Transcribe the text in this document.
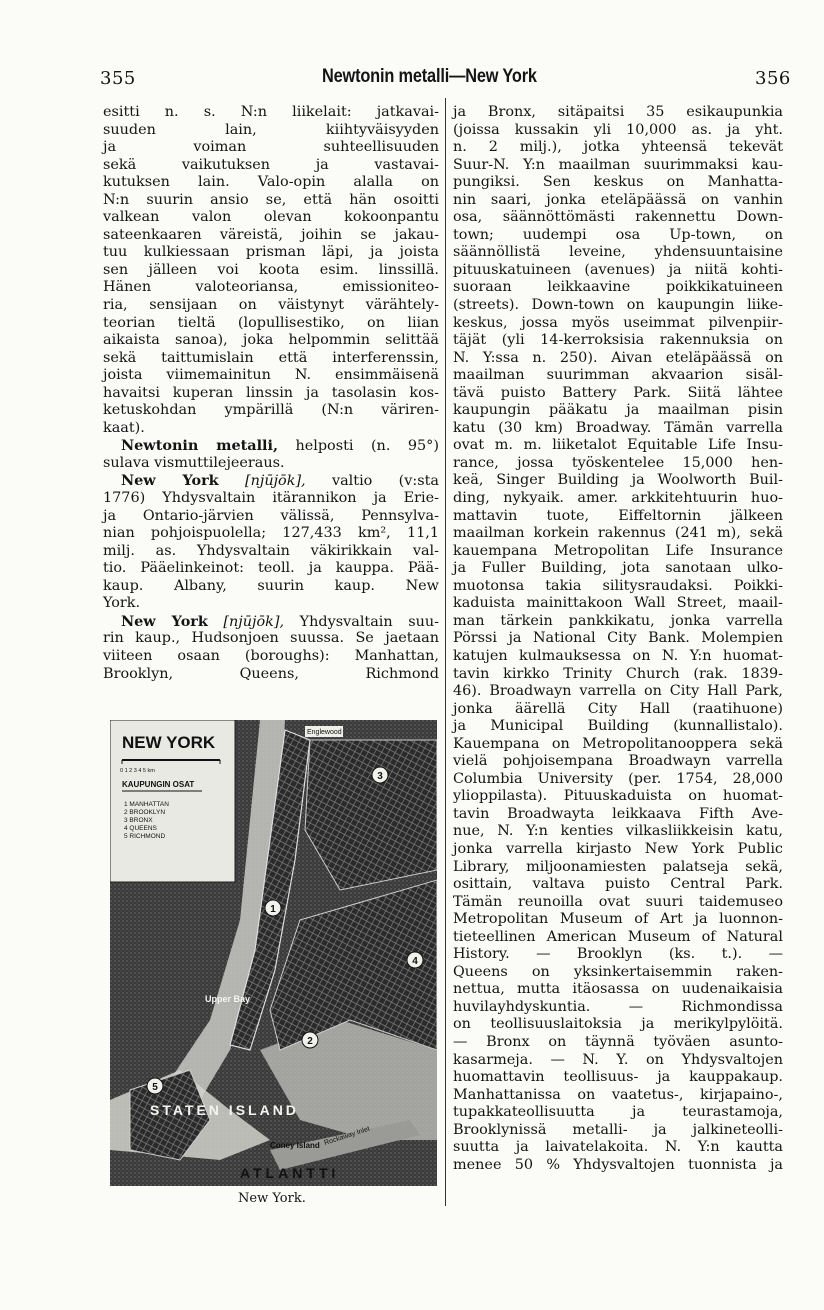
355	Newtonin metalli—New York	356
esitti n. s. N:n liikelait: jatkavai-
suuden lain, kiihtyväisyyden
ja voiman suhteellisuuden
sekä vaikutuksen ja vastavai-
kutuksen lain. Valo-opin alalla on
N:n suurin ansio se, että hän osoitti
valkean valon olevan kokoonpantu
sateenkaaren väreistä, joihin se jakau-
tuu kulkiessaan prisman läpi, ja joista
sen jälleen voi koota esim. linssillä.
Hänen valoteoriansa, emissioniteo-
ria, sensijaan on väistynyt värähtely-
teorian tieltä (lopullisestiko, on liian
aikaista sanoa), joka helpommin selittää
sekä taittumislain että interferenssin,
joista viimemainitun N. ensimmäisenä
havaitsi kuperan linssin ja tasolasin kos-
ketuskohdan ympärillä (N:n väriren-
kaat).
Newtonin metalli, helposti (n. 95°)
sulava vismuttilejeeraus.
New York [njūjōk], valtio (v:sta
1776) Yhdysvaltain itärannikon ja Erie-
ja Ontario-järvien välissä, Pennsylva-
nian pohjoispuolella; 127,433 km², 11,1
milj. as. Yhdysvaltain väkirikkain val-
tio. Pääelinkeinot: teoll. ja kauppa. Pää-
kaup. Albany, suurin kaup. New
York.
New York [njūjōk], Yhdysvaltain suu-
rin kaup., Hudsonjoen suussa. Se jaetaan
viiteen osaan (boroughs): Manhattan,
Brooklyn, Queens, Richmond
NEW YORK
0 1 2 3 4 5 km
KAUPUNGIN OSAT
1 MANHATTAN
2 BROOKLYN
3 BRONX
4 QUEENS
5 RICHMOND
Englewood
STATEN ISLAND
Upper Bay
Coney Island Rockaway Inlet
ATLANTTI
1
2
3
4
5
New York.
ja Bronx, sitäpaitsi 35 esikaupunkia
(joissa kussakin yli 10,000 as. ja yht.
n. 2 milj.), jotka yhteensä tekevät
Suur-N. Y:n maailman suurimmaksi kau-
pungiksi. Sen keskus on Manhatta-
nin saari, jonka eteläpäässä on vanhin
osa, säännöttömästi rakennettu Down-
town; uudempi osa Up-town, on
säännöllistä leveine, yhdensuuntaisine
pituuskatuineen (avenues) ja niitä kohti-
suoraan leikkaavine poikkikatuineen
(streets). Down-town on kaupungin liike-
keskus, jossa myös useimmat pilvenpiir-
täjät (yli 14-kerroksisia rakennuksia on
N. Y:ssa n. 250). Aivan eteläpäässä on
maailman suurimman akvaarion sisäl-
tävä puisto Battery Park. Siitä lähtee
kaupungin pääkatu ja maailman pisin
katu (30 km) Broadway. Tämän varrella
ovat m. m. liiketalot Equitable Life Insu-
rance, jossa työskentelee 15,000 hen-
keä, Singer Building ja Woolworth Buil-
ding, nykyaik. amer. arkkitehtuurin huo-
mattavin tuote, Eiffeltornin jälkeen
maailman korkein rakennus (241 m), sekä
kauempana Metropolitan Life Insurance
ja Fuller Building, jota sanotaan ulko-
muotonsa takia silitysraudaksi. Poikki-
kaduista mainittakoon Wall Street, maail-
man tärkein pankkikatu, jonka varrella
Pörssi ja National City Bank. Molempien
katujen kulmauksessa on N. Y:n huomat-
tavin kirkko Trinity Church (rak. 1839-
46). Broadwayn varrella on City Hall Park,
jonka äärellä City Hall (raatihuone)
ja Municipal Building (kunnallistalo).
Kauempana on Metropolitanooppera sekä
vielä pohjoisempana Broadwayn varrella
Columbia University (per. 1754, 28,000
ylioppilasta). Pituuskaduista on huomat-
tavin Broadwayta leikkaava Fifth Ave-
nue, N. Y:n kenties vilkasliikkeisin katu,
jonka varrella kirjasto New York Public
Library, miljoonamiesten palatseja sekä,
osittain, valtava puisto Central Park.
Tämän reunoilla ovat suuri taidemuseo
Metropolitan Museum of Art ja luonnon-
tieteellinen American Museum of Natural
History. — Brooklyn (ks. t.). —
Queens on yksinkertaisemmin raken-
nettua, mutta itäosassa on uudenaikaisia
huvilayhdyskuntia. — Richmondissa
on teollisuuslaitoksia ja merikylpylöitä.
— Bronx on täynnä työväen asunto-
kasarmeja. — N. Y. on Yhdysvaltojen
huomattavin teollisuus- ja kauppakaup.
Manhattanissa on vaatetus-, kirjapaino-,
tupakkateollisuutta ja teurastamoja,
Brooklynissä metalli- ja jalkineteolli-
suutta ja laivatelakoita. N. Y:n kautta
menee 50 % Yhdysvaltojen tuonnista ja
